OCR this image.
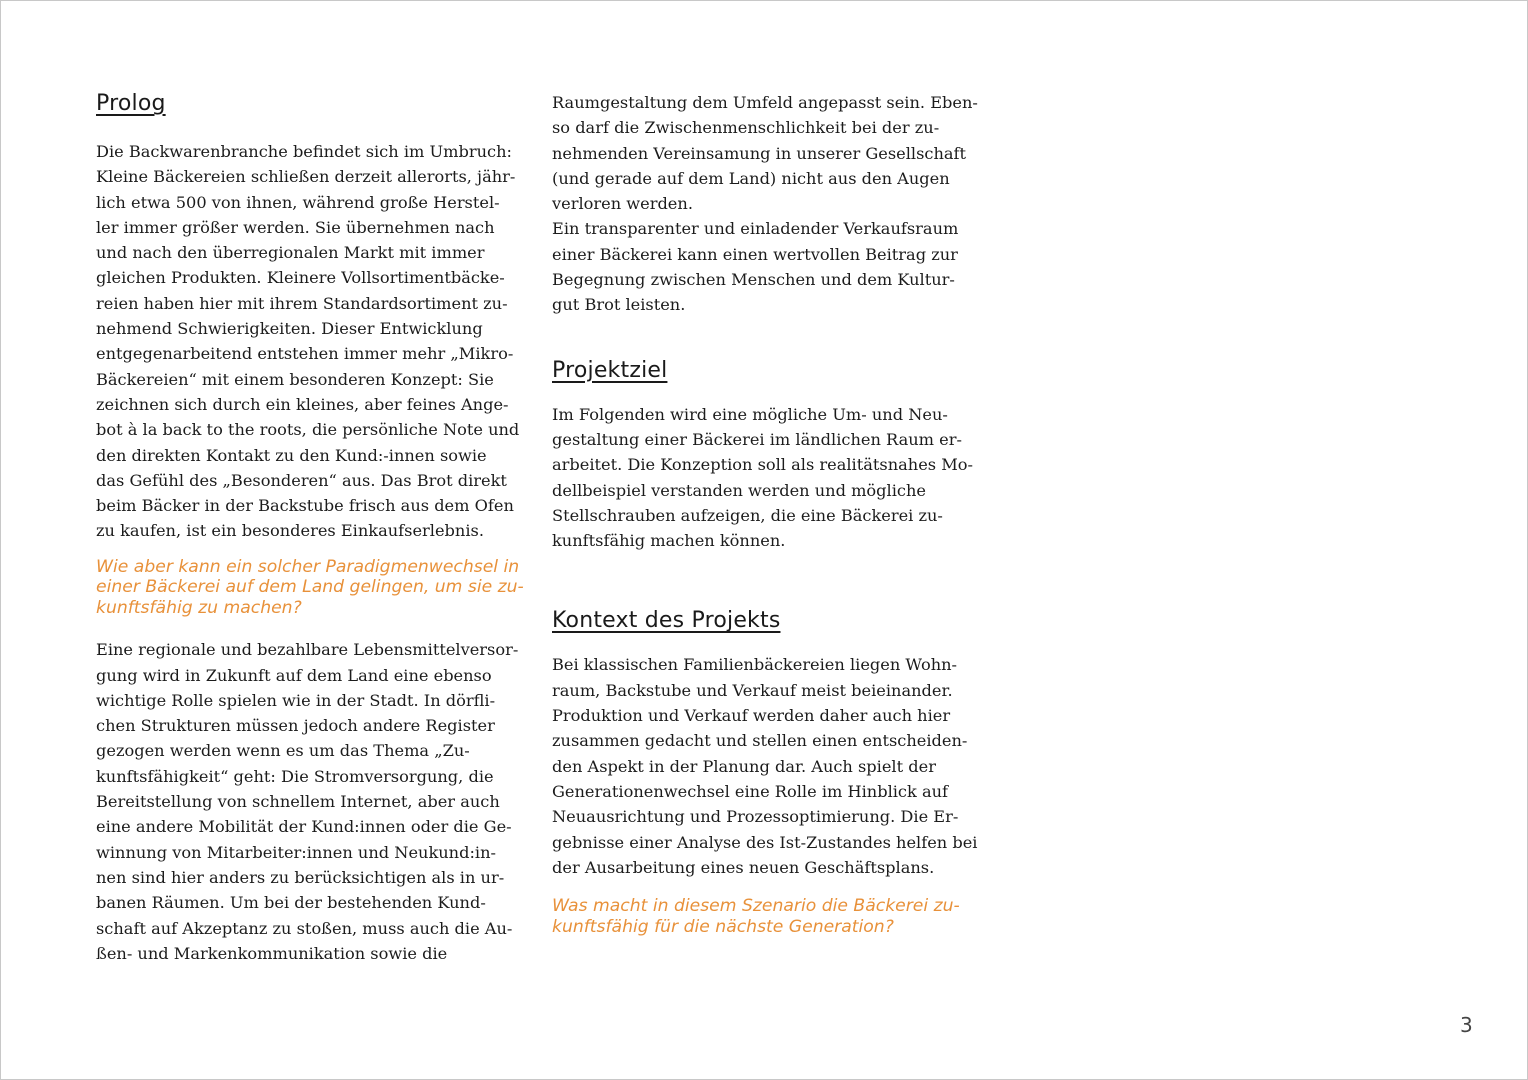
Prolog

Die Backwarenbranche befindet sich im Umbruch:
Kleine Bäckereien schließen derzeit allerorts, jähr-
lich etwa 500 von ihnen, während große Herstel-
ler immer größer werden. Sie übernehmen nach
und nach den überregionalen Markt mit immer
gleichen Produkten. Kleinere Vollsortimentbäcke-
reien haben hier mit ihrem Standardsortiment zu-
nehmend Schwierigkeiten. Dieser Entwicklung
entgegenarbeitend entstehen immer mehr „Mikro-
Bäckereien“ mit einem besonderen Konzept: Sie
zeichnen sich durch ein kleines, aber feines Ange-
bot à la back to the roots, die persönliche Note und
den direkten Kontakt zu den Kund:-innen sowie
das Gefühl des „Besonderen“ aus. Das Brot direkt
beim Bäcker in der Backstube frisch aus dem Ofen
zu kaufen, ist ein besonderes Einkaufserlebnis.

Wie aber kann ein solcher Paradigmenwechsel in
einer Bäckerei auf dem Land gelingen, um sie zu-
kunftsfähig zu machen?

Eine regionale und bezahlbare Lebensmittelversor-
gung wird in Zukunft auf dem Land eine ebenso
wichtige Rolle spielen wie in der Stadt. In dörfli-
chen Strukturen müssen jedoch andere Register
gezogen werden wenn es um das Thema „Zu-
kunftsfähigkeit“ geht: Die Stromversorgung, die
Bereitstellung von schnellem Internet, aber auch
eine andere Mobilität der Kund:innen oder die Ge-
winnung von Mitarbeiter:innen und Neukund:in-
nen sind hier anders zu berücksichtigen als in ur-
banen Räumen. Um bei der bestehenden Kund-
schaft auf Akzeptanz zu stoßen, muss auch die Au-
ßen- und Markenkommunikation sowie die

Raumgestaltung dem Umfeld angepasst sein. Eben-
so darf die Zwischenmenschlichkeit bei der zu-
nehmenden Vereinsamung in unserer Gesellschaft
(und gerade auf dem Land) nicht aus den Augen
verloren werden.
Ein transparenter und einladender Verkaufsraum
einer Bäckerei kann einen wertvollen Beitrag zur
Begegnung zwischen Menschen und dem Kultur-
gut Brot leisten.

Projektziel

Im Folgenden wird eine mögliche Um- und Neu-
gestaltung einer Bäckerei im ländlichen Raum er-
arbeitet. Die Konzeption soll als realitätsnahes Mo-
dellbeispiel verstanden werden und mögliche
Stellschrauben aufzeigen, die eine Bäckerei zu-
kunftsfähig machen können.

Kontext des Projekts

Bei klassischen Familienbäckereien liegen Wohn-
raum, Backstube und Verkauf meist beieinander.
Produktion und Verkauf werden daher auch hier
zusammen gedacht und stellen einen entscheiden-
den Aspekt in der Planung dar. Auch spielt der
Generationenwechsel eine Rolle im Hinblick auf
Neuausrichtung und Prozessoptimierung. Die Er-
gebnisse einer Analyse des Ist-Zustandes helfen bei
der Ausarbeitung eines neuen Geschäftsplans.

Was macht in diesem Szenario die Bäckerei zu-
kunftsfähig für die nächste Generation?

3
